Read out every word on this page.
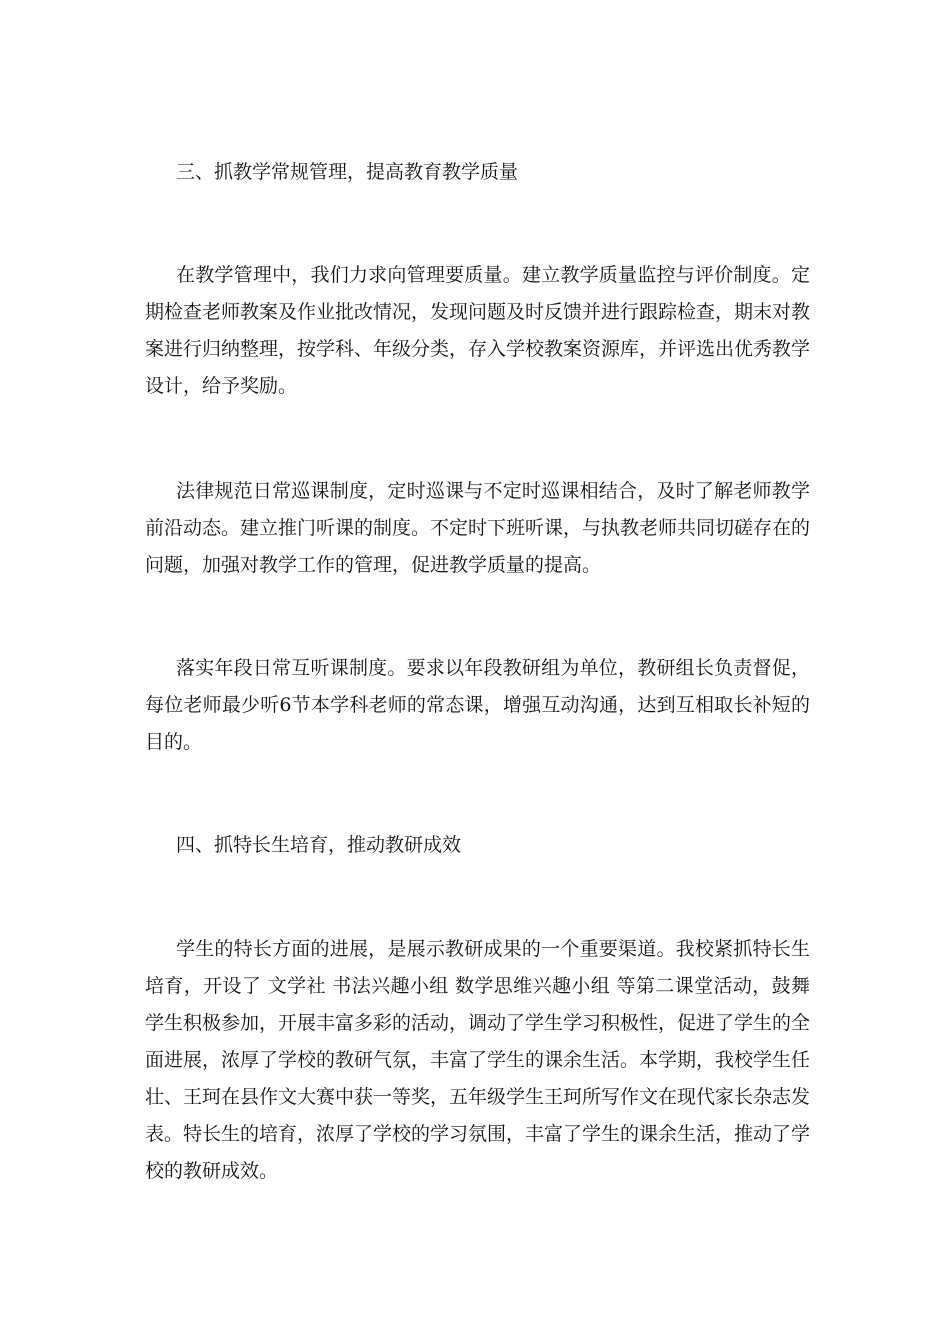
三、抓教学常规管理，提高教育教学质量

在教学管理中，我们力求向管理要质量。建立教学质量监控与评价制度。定期检查老师教案及作业批改情况，发现问题及时反馈并进行跟踪检查，期末对教案进行归纳整理，按学科、年级分类，存入学校教案资源库，并评选出优秀教学设计，给予奖励。

法律规范日常巡课制度，定时巡课与不定时巡课相结合，及时了解老师教学前沿动态。建立推门听课的制度。不定时下班听课，与执教老师共同切磋存在的问题，加强对教学工作的管理，促进教学质量的提高。

落实年段日常互听课制度。要求以年段教研组为单位，教研组长负责督促，每位老师最少听6节本学科老师的常态课，增强互动沟通，达到互相取长补短的目的。

四、抓特长生培育，推动教研成效

学生的特长方面的进展，是展示教研成果的一个重要渠道。我校紧抓特长生培育，开设了 文学社 书法兴趣小组 数学思维兴趣小组 等第二课堂活动，鼓舞学生积极参加，开展丰富多彩的活动，调动了学生学习积极性，促进了学生的全面进展，浓厚了学校的教研气氛，丰富了学生的课余生活。本学期，我校学生任壮、王珂在县作文大赛中获一等奖，五年级学生王珂所写作文在现代家长杂志发表。特长生的培育，浓厚了学校的学习氛围，丰富了学生的课余生活，推动了学校的教研成效。
